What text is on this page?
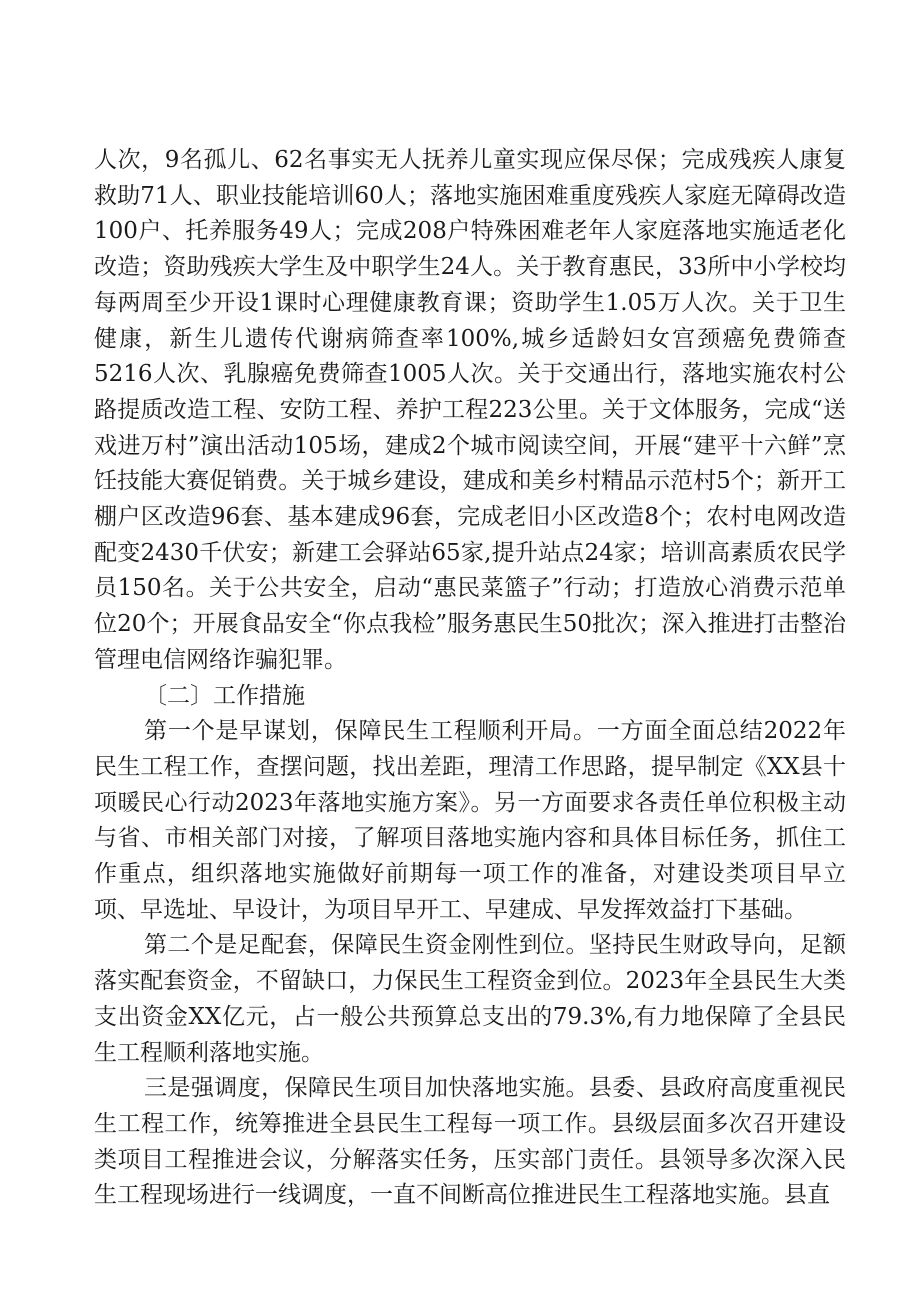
人次，9名孤儿、62名事实无人抚养儿童实现应保尽保；完成残疾人康复救助71人、职业技能培训60人；落地实施困难重度残疾人家庭无障碍改造100户、托养服务49人；完成208户特殊困难老年人家庭落地实施适老化改造；资助残疾大学生及中职学生24人。关于教育惠民，33所中小学校均每两周至少开设1课时心理健康教育课；资助学生1.05万人次。关于卫生健康，新生儿遗传代谢病筛查率100%,城乡适龄妇女宫颈癌免费筛查5216人次、乳腺癌免费筛查1005人次。关于交通出行，落地实施农村公路提质改造工程、安防工程、养护工程223公里。关于文体服务，完成“送戏进万村”演出活动105场，建成2个城市阅读空间，开展“建平十六鲜”烹饪技能大赛促销费。关于城乡建设，建成和美乡村精品示范村5个；新开工棚户区改造96套、基本建成96套，完成老旧小区改造8个；农村电网改造配变2430千伏安；新建工会驿站65家,提升站点24家；培训高素质农民学员150名。关于公共安全，启动“惠民菜篮子”行动；打造放心消费示范单位20个；开展食品安全“你点我检”服务惠民生50批次；深入推进打击整治管理电信网络诈骗犯罪。

〔二〕工作措施

第一个是早谋划，保障民生工程顺利开局。一方面全面总结2022年民生工程工作，查摆问题，找出差距，理清工作思路，提早制定《XX县十项暖民心行动2023年落地实施方案》。另一方面要求各责任单位积极主动与省、市相关部门对接，了解项目落地实施内容和具体目标任务，抓住工作重点，组织落地实施做好前期每一项工作的准备，对建设类项目早立项、早选址、早设计，为项目早开工、早建成、早发挥效益打下基础。

第二个是足配套，保障民生资金刚性到位。坚持民生财政导向，足额落实配套资金，不留缺口，力保民生工程资金到位。2023年全县民生大类支出资金XX亿元，占一般公共预算总支出的79.3%,有力地保障了全县民生工程顺利落地实施。

三是强调度，保障民生项目加快落地实施。县委、县政府高度重视民生工程工作，统筹推进全县民生工程每一项工作。县级层面多次召开建设类项目工程推进会议，分解落实任务，压实部门责任。县领导多次深入民生工程现场进行一线调度，一直不间断高位推进民生工程落地实施。县直
